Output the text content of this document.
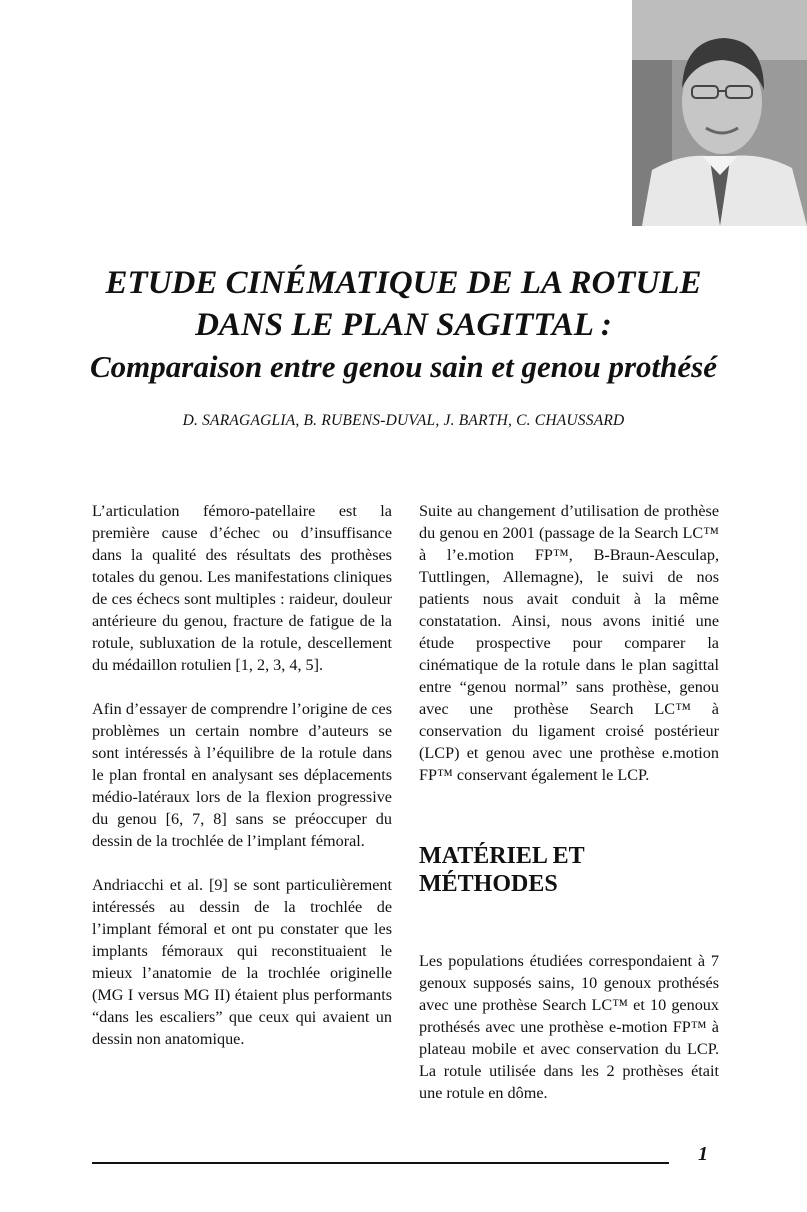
ETUDE CINÉMATIQUE DE LA ROTULE
DANS LE PLAN SAGITTAL :
Comparaison entre genou sain et genou prothésé
D. SARAGAGLIA, B. RUBENS-DUVAL, J. BARTH, C. CHAUSSARD

L’articulation fémoro-patellaire est la première cause d’échec ou d’insuffisance dans la qualité des résultats des prothèses totales du genou. Les manifestations cliniques de ces échecs sont multiples : raideur, douleur antérieure du genou, fracture de fatigue de la rotule, subluxation de la rotule, descellement du médaillon rotulien [1, 2, 3, 4, 5].

Afin d’essayer de comprendre l’origine de ces problèmes un certain nombre d’auteurs se sont intéressés à l’équilibre de la rotule dans le plan frontal en analysant ses déplacements médio-latéraux lors de la flexion progressive du genou [6, 7, 8] sans se préoccuper du dessin de la trochlée de l’implant fémoral.

Andriacchi et al. [9] se sont particulièrement intéressés au dessin de la trochlée de l’implant fémoral et ont pu constater que les implants fémoraux qui reconstituaient le mieux l’anatomie de la trochlée originelle (MG I versus MG II) étaient plus performants “dans les escaliers” que ceux qui avaient un dessin non anatomique.

Suite au changement d’utilisation de prothèse du genou en 2001 (passage de la Search LC™ à l’e.motion FP™, B-Braun-Aesculap, Tuttlingen, Allemagne), le suivi de nos patients nous avait conduit à la même constatation. Ainsi, nous avons initié une étude prospective pour comparer la cinématique de la rotule dans le plan sagittal entre “genou normal” sans prothèse, genou avec une prothèse Search LC™ à conservation du ligament croisé postérieur (LCP) et genou avec une prothèse e.motion FP™ conservant également le LCP.

MATÉRIEL ET
MÉTHODES

Les populations étudiées correspondaient à 7 genoux supposés sains, 10 genoux prothésés avec une prothèse Search LC™ et 10 genoux prothésés avec une prothèse e-motion FP™ à plateau mobile et avec conservation du LCP. La rotule utilisée dans les 2 prothèses était une rotule en dôme.

1
